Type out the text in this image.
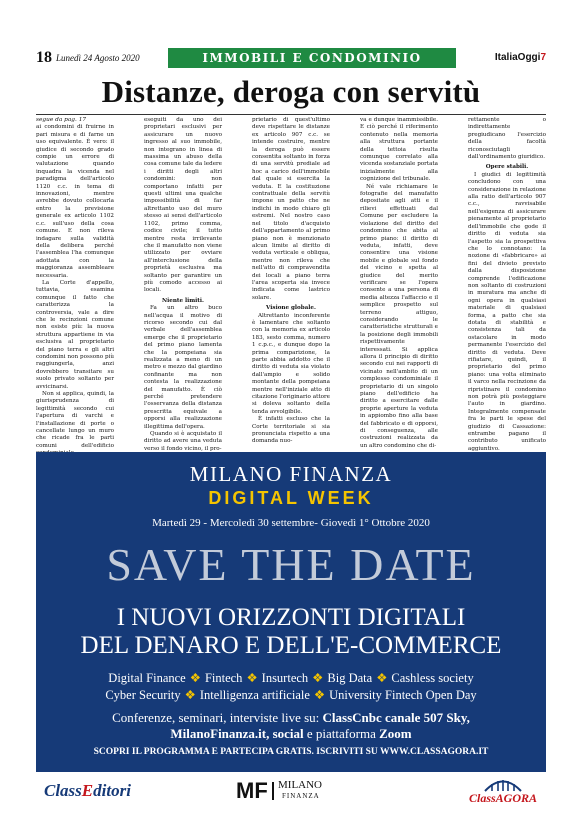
18 Lunedì 24 Agosto 2020	IMMOBILI E CONDOMINIO	ItaliaOggi7
Distanze, deroga con servitù

segue da pag. 17

ai condomini di fruirne in pari misura e di farne un uso equivalente. È vero: il giudice di secondo grado compie un errore di valutazione quando inquadra la vicenda nel paradigma dell'articolo 1120 c.c. in tema di innovazioni, mentre avrebbe dovuto collocarla entro la previsione generale ex articolo 1102 c.c. sull'uso della cosa comune. E non rileva indagare sulla validità della delibera perché l'assemblea l'ha comunque adottata con la maggioranza assembleare necessaria.

La Corte d'appello, tuttavia, esamina comunque il fatto che caratterizza la controversia, vale a dire che le recinzioni comune non esiste più: la nuova struttura appartiene in via esclusiva al proprietario del piano terra e gli altri condomini non possono più raggiungerla, anzi dovrebbero transitare su suolo privato soltanto per avvicinarsi.

Non si applica, quindi, la giurisprudenza di legittimità secondo cui l'apertura di varchi e l'installazione di porte o cancellate lungo un muro che ricade fra le parti comuni dell'edificio

eseguiti da uno dei proprietari esclusivi per assicurare un nuovo ingresso al suo immobile, non integrano in linea di massima un abuso della cosa comune tale da ledere i diritti degli altri condomini: non comportano infatti per questi ultimi una qualche impossibilità di far altrettanto uso del muro stesso ai sensi dell'articolo 1102, primo comma, codice civile; il tutto mentre resta irrilevante che il manufatto non viene utilizzato per ovviare all'interclusione della proprietà esclusiva ma soltanto per garantire un più comodo accesso ai locali.

Niente limiti.

Fa un altro buco nell'acqua il motivo di ricorso secondo cui dal verbale dell'assemblea emerge che il proprietario del primo piano lamenta che la pompeiana sia realizzata a meno di un metro e mezzo dal giardino confinante ma non contesta la realizzazione del manufatto. È ciò perché pretendere l'osservanza della distanza prescritta equivale a opporsi alla realizzazione illegittima dell'opera.

Quando si è acquistato il diritto ad avere una veduta verso il fondo vicino, il pro-

prietario di quest'ultimo deve rispettare le distanze ex articolo 907 c.c. se intende costruire, mentre la deroga può essere consentita soltanto in forza di una servitù prediale ad hoc a carico dell'immobile dal quale si esercita la veduta. E la costituzione contrattuale della servitù impone un patto che ne indichi in modo chiaro gli estremi. Nel nostro caso nel titolo d'acquisto dell'appartamento al primo piano non è menzionato alcun limite al diritto di veduta verticale e obliqua, mentre non rileva che nell'atto di compravendita dei locali a piano terra l'area scoperta sia invece indicata come lastrico solare.

Visione globale.

Altrettanto inconferente è lamentare che soltanto con la memoria ex articolo 183, sesto comma, numero 1 c.p.c., e dunque dopo la prima comparizione, la parte abbia addotto che il diritto di veduta sia violato dall'ampio e solido montante della pompeiana mentre nell'iniziale atto di citazione l'originario attore si doleva soltanto della tenda avvolgibile.

È infatti escluso che la Corte territoriale si sia pronunciata rispetto a una domanda nuo-

va e dunque inammissibile. E ciò perché il riferimento contenuto nella memoria alla struttura portante della tettoia risulta comunque correlato alla vicenda sostanziale portata inizialmente alla cognizione del tribunale.

Né vale richiamare le fotografie del manufatto depositate agli atti e il rilievi effettuati dal Comune per escludere la violazione del diritto del condomino che abita al primo piano: il diritto di veduta, infatti, deve consentire una visione mobile e globale sul fondo del vicino e spetta al giudice del merito verificare se l'opera consente a una persona di media altezza l'affaccio e il semplice prospetto sul terreno attiguo, considerando le caratteristiche strutturali e la posizione degli immobili rispettivamente interessati. Si applica allora il principio di diritto secondo cui nei rapporti di vicinato nell'ambito di un complesso condominiale il proprietario di un singolo piano dell'edificio ha diritto a esercitare dalle proprie aperture la veduta in appiombo fino alla base del fabbricato e di opporsi, di conseguenza, alle costruzioni realizzata da un altro condomino che di-

rettamente o indirettamente pregiudicano l'esercizio della facoltà riconosciutagli dall'ordinamento giuridico.

Opere stabili.

I giudici di legittimità concludono con una considerazione in relazione alla ratio dell'articolo 907 c.c., ravvisabile nell'esigenza di assicurare pienamente al proprietario dell'immobile che gode il diritto di veduta sia l'aspetto sia la prospettiva che lo connotano: la nozione di «fabbricare» ai fini del divieto previsto dalla disposizione comprende l'edificazione non soltanto di costruzioni in muratura ma anche di ogni opera in qualsiasi materiale di qualsiasi forma, a patto che sia dotata di stabilità e consistenza tali da ostacolare in modo permanente l'esercizio del diritto di veduta. Deve rifiatare, quindi, il proprietario del primo piano: una volta eliminato il varco nella recinzione da ripristinare il condomino non potrà più posteggiare l'auto in giardino. Integralmente compensate fra le parti le spese del giudizio di Cassazione: entrambe pagano il contributo unificato aggiuntivo.

MILANO FINANZA
DIGITAL WEEK
Martedì 29 - Mercoledì 30 settembre- Giovedì 1° Ottobre 2020
SAVE THE DATE
I NUOVI ORIZZONTI DIGITALI
DEL DENARO E DELL'E-COMMERCE
Digital Finance ❖ Fintech ❖ Insurtech ❖ Big Data ❖ Cashless society
Cyber Security ❖ Intelligenza artificiale ❖ University Fintech Open Day
Conferenze, seminari, interviste live su: ClassCnbc canale 507 Sky,
MilanoFinanza.it, social e piattaforma Zoom
SCOPRI IL PROGRAMMA E PARTECIPA GRATIS. ISCRIVITI SU WWW.CLASSAGORA.IT
ClassEditori	MF MILANO
FINANZA	ClassAGORA
